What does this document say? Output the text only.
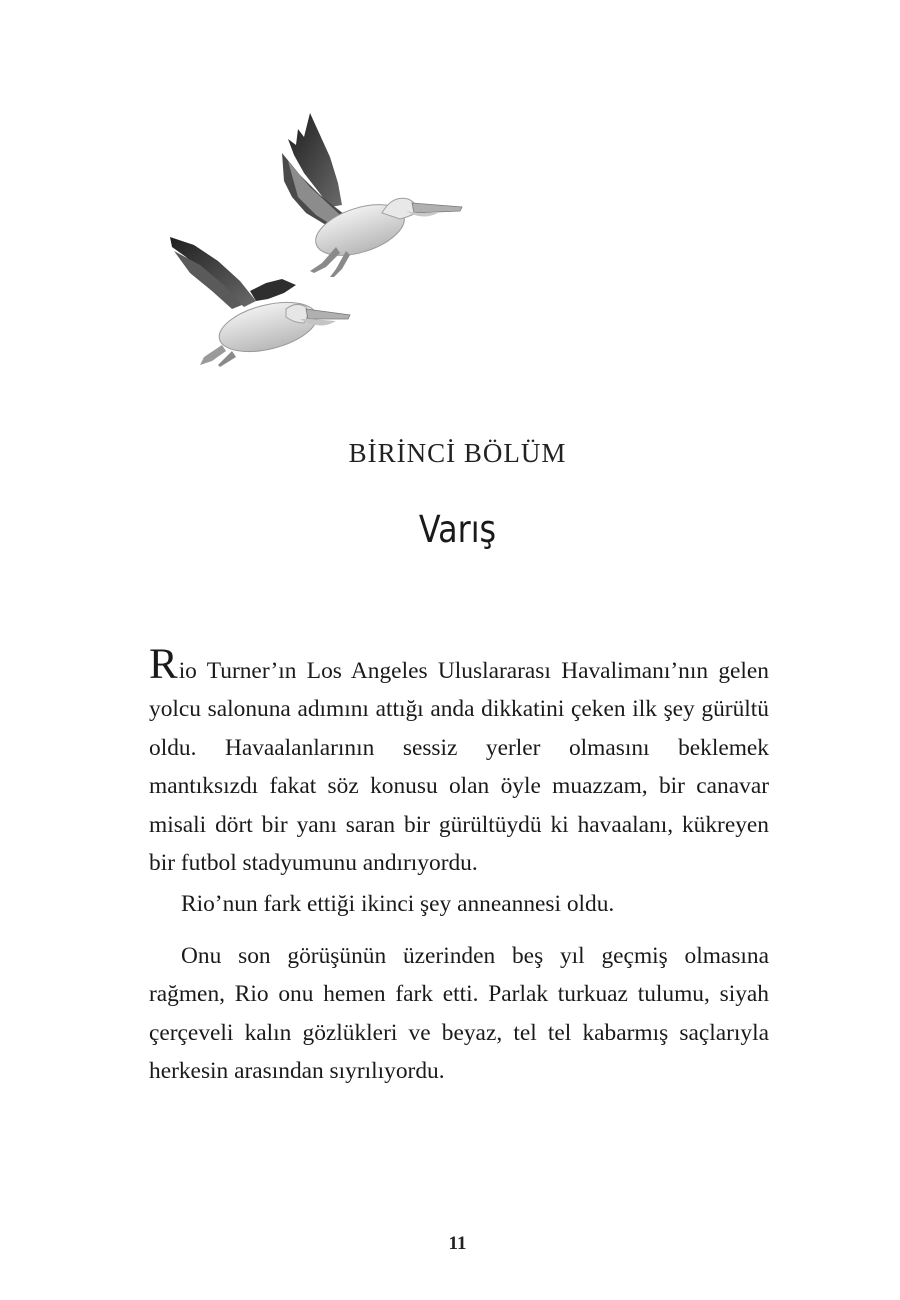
BİRİNCİ BÖLÜM
Varış

Rio Turner’ın Los Angeles Uluslararası Havalimanı’nın gelen yolcu salonuna adımını attığı anda dikkatini çeken ilk şey gürültü oldu. Havaalanlarının sessiz yerler olmasını beklemek mantıksızdı fakat söz konusu olan öyle muazzam, bir canavar misali dört bir yanı saran bir gürültüydü ki havaalanı, kükreyen bir futbol stadyumunu andırıyordu.

Rio’nun fark ettiği ikinci şey anneannesi oldu.

Onu son görüşünün üzerinden beş yıl geçmiş olmasına rağmen, Rio onu hemen fark etti. Parlak turkuaz tulumu, siyah çerçeveli kalın gözlükleri ve beyaz, tel tel kabarmış saçlarıyla herkesin arasından sıyrılıyordu.

11
